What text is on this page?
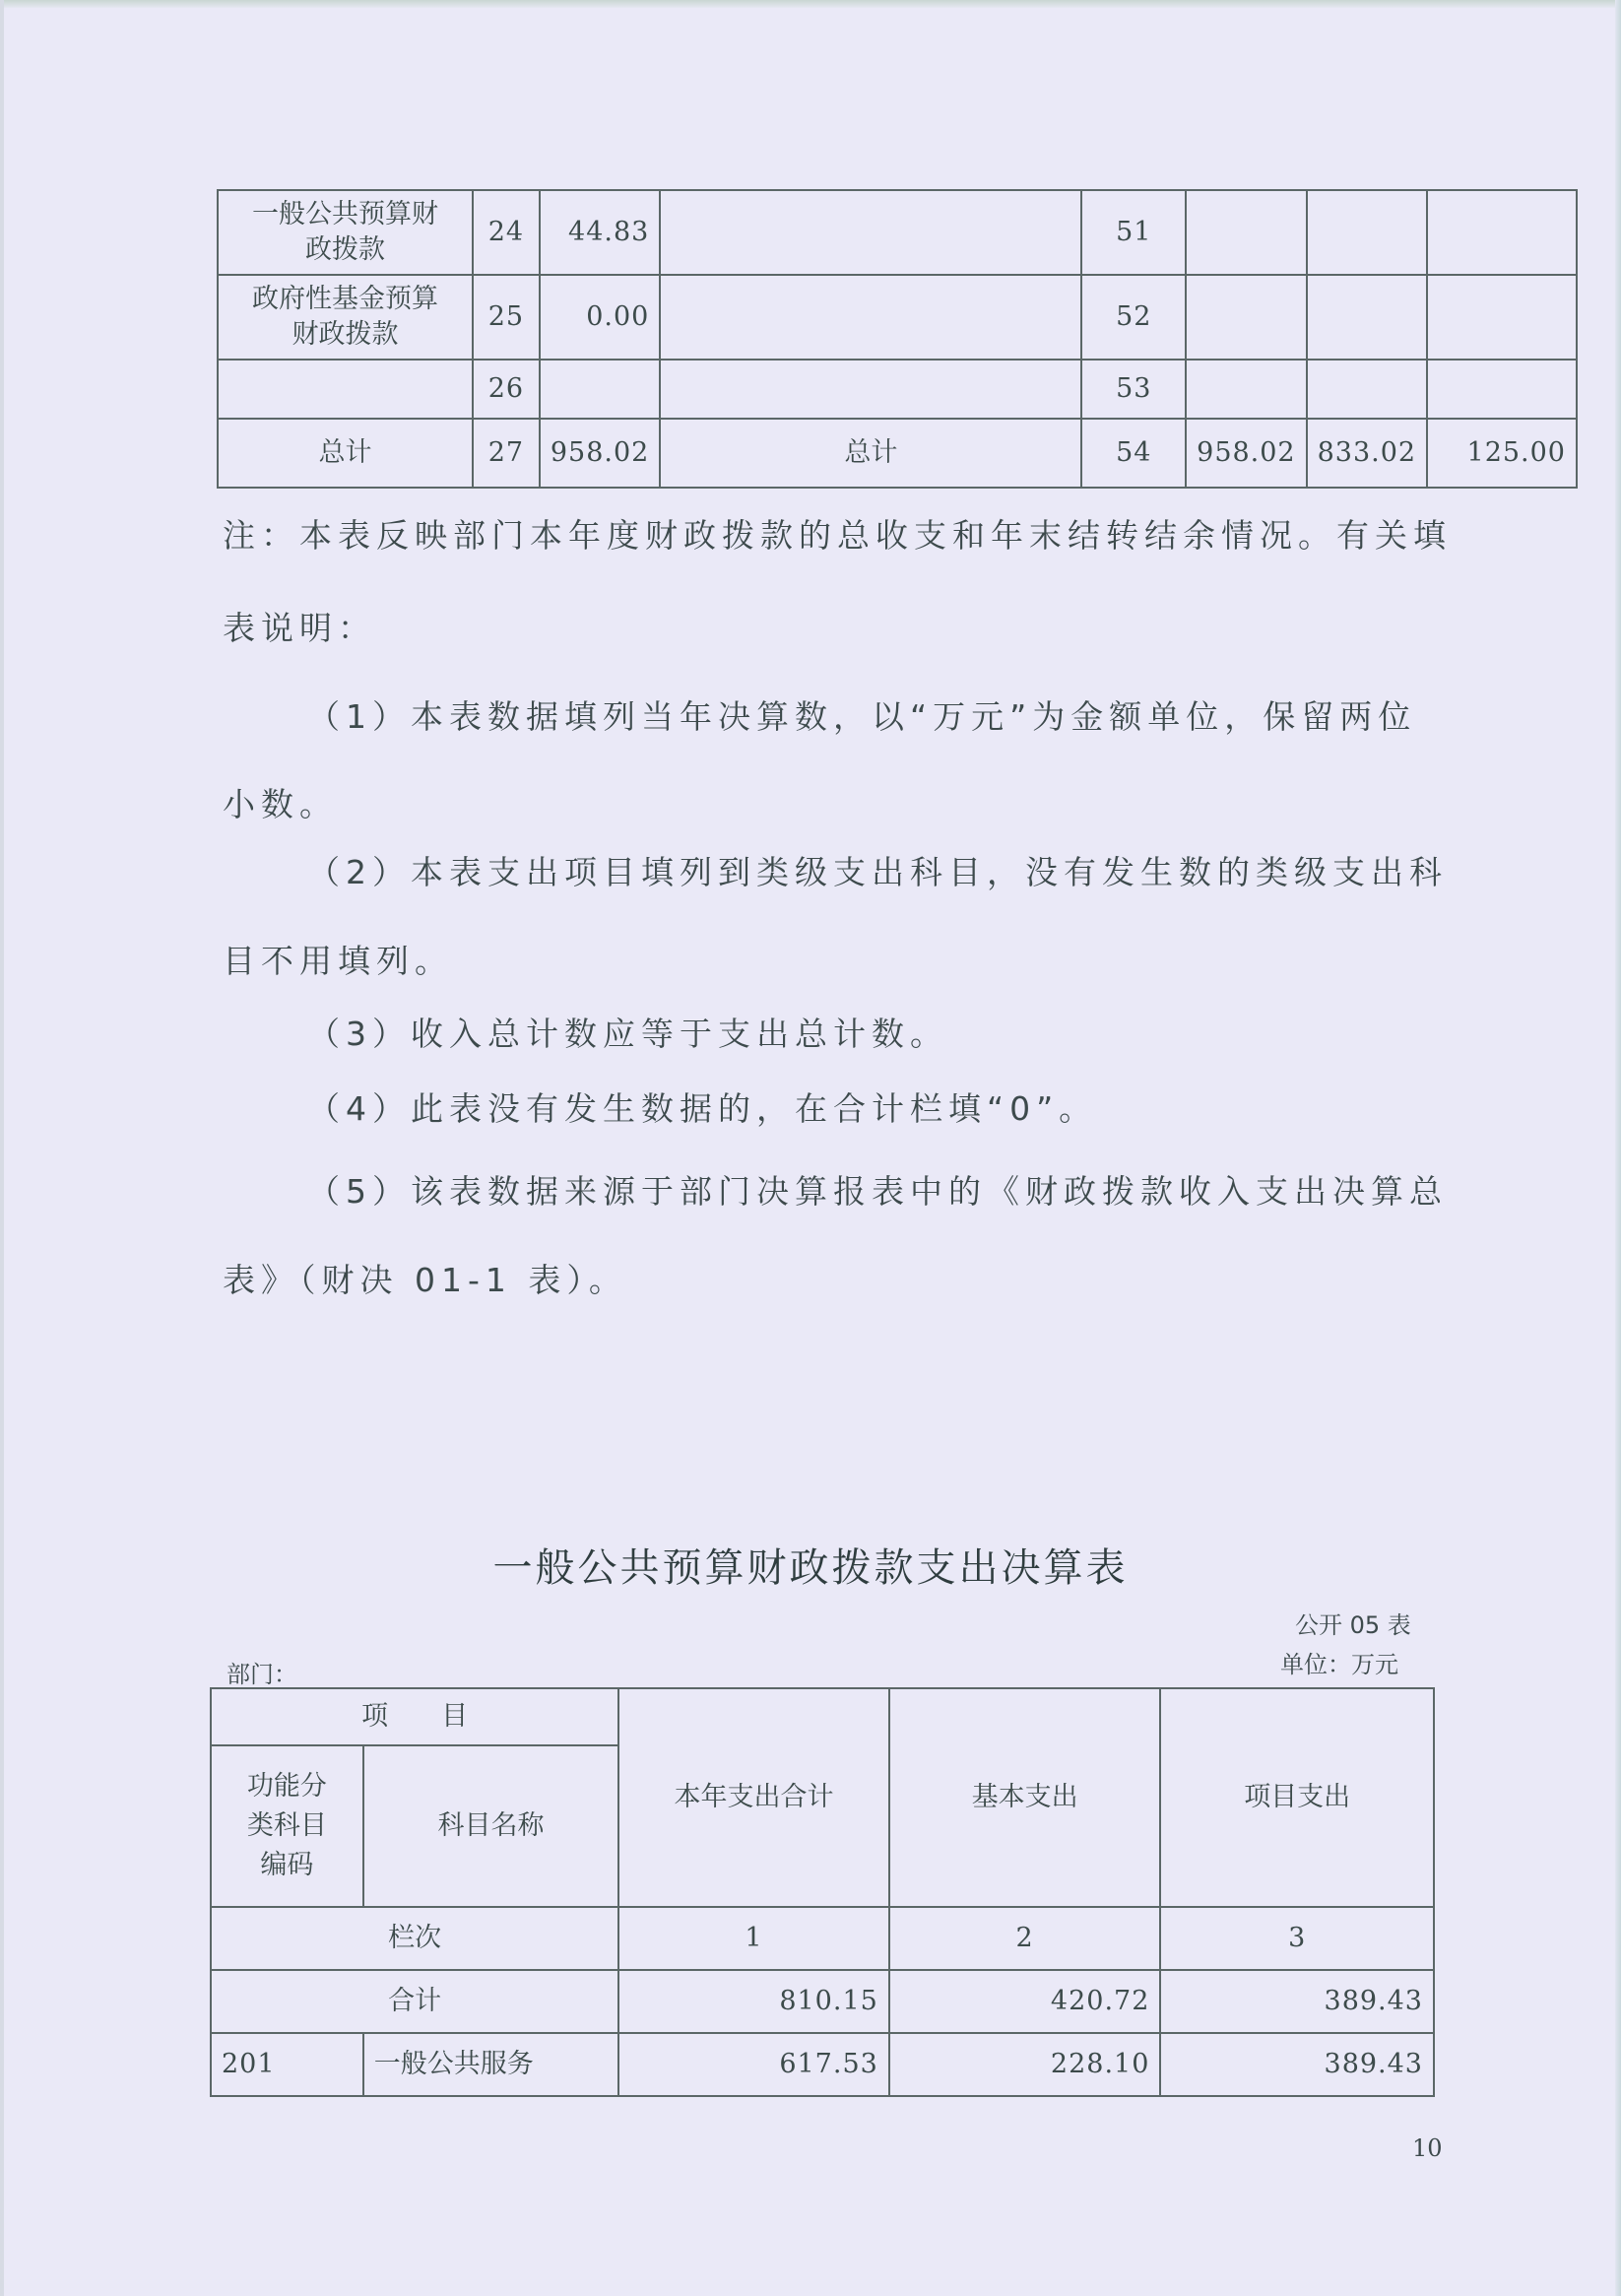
一般公共预算财
政拨款	24	44.83		51			

政府性基金预算
财政拨款	25	0.00		52			
	26			53			
总计	27	958.02	总计	54	958.02	833.02	125.00
注：本表反映部门本年度财政拨款的总收支和年末结转结余情况。有关填
表说明：
（1）本表数据填列当年决算数，以“万元”为金额单位，保留两位
小数。
（2）本表支出项目填列到类级支出科目，没有发生数的类级支出科
目不用填列。
（3）收入总计数应等于支出总计数。
（4）此表没有发生数据的，在合计栏填“0”。
（5）该表数据来源于部门决算报表中的《财政拨款收入支出决算总
表》（财决 01-1 表）。
一般公共预算财政拨款支出决算表
公开 05 表
部门：	单位：万元
项　　目		本年支出合计	基本支出	项目支出

功能分
类科目
编码	科目名称			
栏次		1	2	3
合计		810.15	420.72	389.43
201	一般公共服务	617.53	228.10	389.43
10
